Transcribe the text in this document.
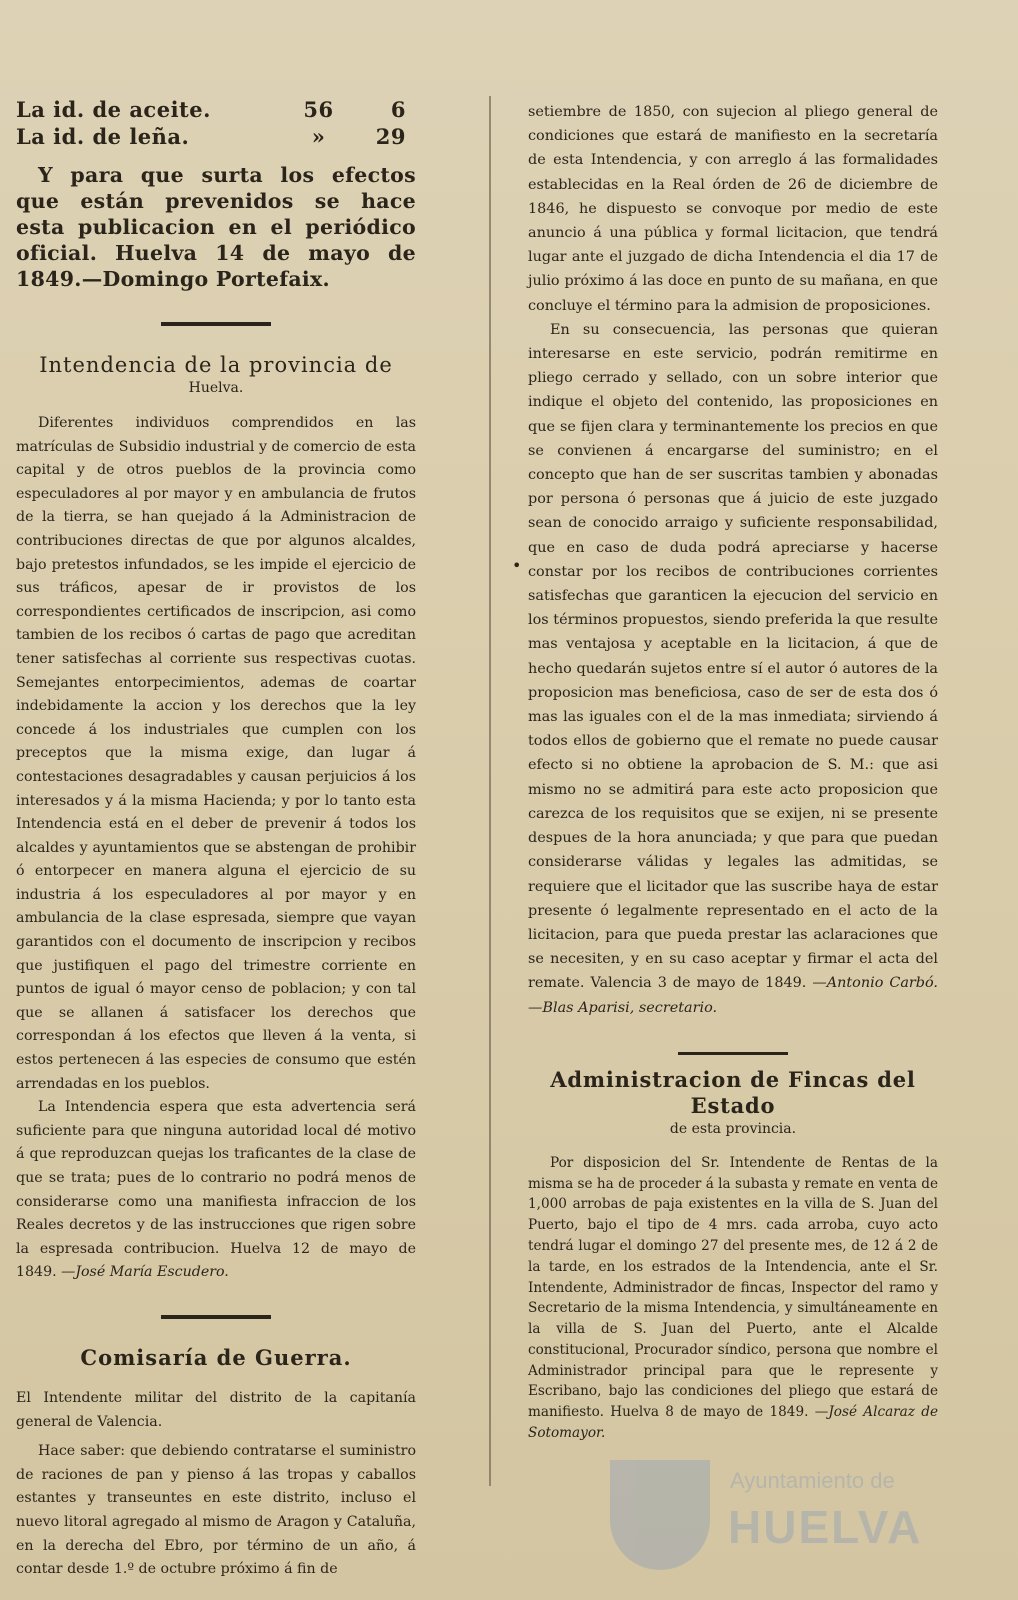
La id. de aceite.	56	6
La id. de leña.	»	29

Y para que surta los efectos que están prevenidos se hace esta publicacion en el periódico oficial. Huelva 14 de mayo de 1849.—Domingo Portefaix.

Intendencia de la provincia de
Huelva.

Diferentes individuos comprendidos en las matrículas de Subsidio industrial y de comercio de esta capital y de otros pueblos de la provincia como especuladores al por mayor y en ambulancia de frutos de la tierra, se han quejado á la Administracion de contribuciones directas de que por algunos alcaldes, bajo pretestos infundados, se les impide el ejercicio de sus tráficos, apesar de ir provistos de los correspondientes certificados de inscripcion, asi como tambien de los recibos ó cartas de pago que acreditan tener satisfechas al corriente sus respectivas cuotas. Semejantes entorpecimientos, ademas de coartar indebidamente la accion y los derechos que la ley concede á los industriales que cumplen con los preceptos que la misma exige, dan lugar á contestaciones desagradables y causan perjuicios á los interesados y á la misma Hacienda; y por lo tanto esta Intendencia está en el deber de prevenir á todos los alcaldes y ayuntamientos que se abstengan de prohibir ó entorpecer en manera alguna el ejercicio de su industria á los especuladores al por mayor y en ambulancia de la clase espresada, siempre que vayan garantidos con el documento de inscripcion y recibos que justifiquen el pago del trimestre corriente en puntos de igual ó mayor censo de poblacion; y con tal que se allanen á satisfacer los derechos que correspondan á los efectos que lleven á la venta, si estos pertenecen á las especies de consumo que estén arrendadas en los pueblos.

La Intendencia espera que esta advertencia será suficiente para que ninguna autoridad local dé motivo á que reproduzcan quejas los traficantes de la clase de que se trata; pues de lo contrario no podrá menos de considerarse como una manifiesta infraccion de los Reales decretos y de las instrucciones que rigen sobre la espresada contribucion. Huelva 12 de mayo de 1849. —José María Escudero.

Comisaría de Guerra.

El Intendente militar del distrito de la capitanía general de Valencia.

Hace saber: que debiendo contratarse el suministro de raciones de pan y pienso á las tropas y caballos estantes y transeuntes en este distrito, incluso el nuevo litoral agregado al mismo de Aragon y Cataluña, en la derecha del Ebro, por término de un año, á contar desde 1.º de octubre próximo á fin de

•

setiembre de 1850, con sujecion al pliego general de condiciones que estará de manifiesto en la secretaría de esta Intendencia, y con arreglo á las formalidades establecidas en la Real órden de 26 de diciembre de 1846, he dispuesto se convoque por medio de este anuncio á una pública y formal licitacion, que tendrá lugar ante el juzgado de dicha Intendencia el dia 17 de julio próximo á las doce en punto de su mañana, en que concluye el término para la admision de proposiciones.

En su consecuencia, las personas que quieran interesarse en este servicio, podrán remitirme en pliego cerrado y sellado, con un sobre interior que indique el objeto del contenido, las proposiciones en que se fijen clara y terminantemente los precios en que se convienen á encargarse del suministro; en el concepto que han de ser suscritas tambien y abonadas por persona ó personas que á juicio de este juzgado sean de conocido arraigo y suficiente responsabilidad, que en caso de duda podrá apreciarse y hacerse constar por los recibos de contribuciones corrientes satisfechas que garanticen la ejecucion del servicio en los términos propuestos, siendo preferida la que resulte mas ventajosa y aceptable en la licitacion, á que de hecho quedarán sujetos entre sí el autor ó autores de la proposicion mas beneficiosa, caso de ser de esta dos ó mas las iguales con el de la mas inmediata; sirviendo á todos ellos de gobierno que el remate no puede causar efecto si no obtiene la aprobacion de S. M.: que asi mismo no se admitirá para este acto proposicion que carezca de los requisitos que se exijen, ni se presente despues de la hora anunciada; y que para que puedan considerarse válidas y legales las admitidas, se requiere que el licitador que las suscribe haya de estar presente ó legalmente representado en el acto de la licitacion, para que pueda prestar las aclaraciones que se necesiten, y en su caso aceptar y firmar el acta del remate. Valencia 3 de mayo de 1849. —Antonio Carbó.—Blas Aparisi, secretario.

Administracion de Fincas del Estado
de esta provincia.

Por disposicion del Sr. Intendente de Rentas de la misma se ha de proceder á la subasta y remate en venta de 1,000 arrobas de paja existentes en la villa de S. Juan del Puerto, bajo el tipo de 4 mrs. cada arroba, cuyo acto tendrá lugar el domingo 27 del presente mes, de 12 á 2 de la tarde, en los estrados de la Intendencia, ante el Sr. Intendente, Administrador de fincas, Inspector del ramo y Secretario de la misma Intendencia, y simultáneamente en la villa de S. Juan del Puerto, ante el Alcalde constitucional, Procurador síndico, persona que nombre el Administrador principal para que le represente y Escribano, bajo las condiciones del pliego que estará de manifiesto. Huelva 8 de mayo de 1849. —José Alcaraz de Sotomayor.

Ayuntamiento de
HUELVA
